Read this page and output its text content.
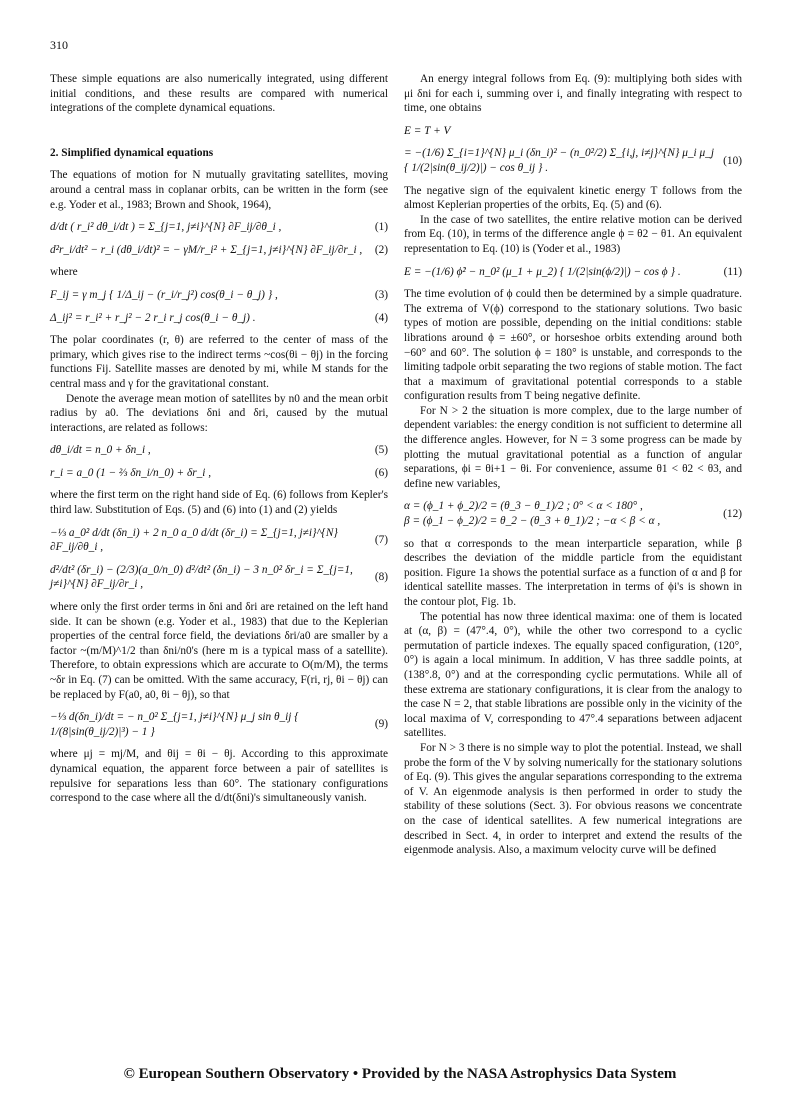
310

These simple equations are also numerically integrated, using different initial conditions, and these results are compared with numerical integrations of the complete dynamical equations.

2. Simplified dynamical equations

The equations of motion for N mutually gravitating satellites, moving around a central mass in coplanar orbits, can be written in the form (see e.g. Yoder et al., 1983; Brown and Shook, 1964),

d/dt ( r_i² dθ_i/dt ) = Σ_{j=1, j≠i}^{N} ∂F_ij/∂θ_i ,	(1)
d²r_i/dt² − r_i (dθ_i/dt)² = − γM/r_i² + Σ_{j=1, j≠i}^{N} ∂F_ij/∂r_i ,	(2)

where

F_ij = γ m_j { 1/Δ_ij − (r_i/r_j²) cos(θ_i − θ_j) } ,	(3)
Δ_ij² = r_i² + r_j² − 2 r_i r_j cos(θ_i − θ_j) .	(4)

The polar coordinates (r, θ) are referred to the center of mass of the primary, which gives rise to the indirect terms ~cos(θi − θj) in the forcing functions Fij. Satellite masses are denoted by mi, while M stands for the central mass and γ for the gravitational constant.

Denote the average mean motion of satellites by n0 and the mean orbit radius by a0. The deviations δni and δri, caused by the mutual interactions, are related as follows:

dθ_i/dt = n_0 + δn_i ,	(5)
r_i = a_0 (1 − ⅔ δn_i/n_0) + δr_i ,	(6)

where the first term on the right hand side of Eq. (6) follows from Kepler's third law. Substitution of Eqs. (5) and (6) into (1) and (2) yields

−⅓ a_0² d/dt (δn_i) + 2 n_0 a_0 d/dt (δr_i) = Σ_{j=1, j≠i}^{N} ∂F_ij/∂θ_i ,
(7)
d²/dt² (δr_i) − (2/3)(a_0/n_0) d²/dt² (δn_i) − 3 n_0² δr_i = Σ_{j=1, j≠i}^{N} ∂F_ij/∂r_i ,
(8)

where only the first order terms in δni and δri are retained on the left hand side. It can be shown (e.g. Yoder et al., 1983) that due to the Keplerian properties of the central force field, the deviations δri/a0 are smaller by a factor ~(m/M)^1/2 than δni/n0's (here m is a typical mass of a satellite). Therefore, to obtain expressions which are accurate to O(m/M), the terms ~δr in Eq. (7) can be omitted. With the same accuracy, F(ri, rj, θi − θj) can be replaced by F(a0, a0, θi − θj), so that

−⅓ d(δn_i)/dt = − n_0² Σ_{j=1, j≠i}^{N} μ_j sin θ_ij { 1/(8|sin(θ_ij/2)|³) − 1 }
(9)

where μj = mj/M, and θij = θi − θj. According to this approximate dynamical equation, the apparent force between a pair of satellites is repulsive for separations less than 60°. The stationary configurations correspond to the case where all the d/dt(δni)'s simultaneously vanish.

An energy integral follows from Eq. (9): multiplying both sides with μi δni for each i, summing over i, and finally integrating with respect to time, one obtains

E = T + V
= −(1/6) Σ_{i=1}^{N} μ_i (δn_i)² − (n_0²/2) Σ_{i,j, i≠j}^{N} μ_i μ_j { 1/(2|sin(θ_ij/2)|) − cos θ_ij } .
(10)

The negative sign of the equivalent kinetic energy T follows from the almost Keplerian properties of the orbits, Eq. (5) and (6).

In the case of two satellites, the entire relative motion can be derived from Eq. (10), in terms of the difference angle ϕ = θ2 − θ1. An equivalent representation to Eq. (10) is (Yoder et al., 1983)

E = −(1/6) ϕ̇² − n_0² (μ_1 + μ_2) { 1/(2|sin(ϕ/2)|) − cos ϕ } .	(11)

The time evolution of ϕ could then be determined by a simple quadrature. The extrema of V(ϕ) correspond to the stationary solutions. Two basic types of motion are possible, depending on the initial conditions: stable librations around ϕ = ±60°, or horseshoe orbits extending around both −60° and 60°. The solution ϕ = 180° is unstable, and corresponds to the limiting tadpole orbit separating the two regions of stable motion. The fact that a maximum of gravitational potential corresponds to a stable configuration results from T being negative definite.

For N > 2 the situation is more complex, due to the large number of dependent variables: the energy condition is not sufficient to determine all the difference angles. However, for N = 3 some progress can be made by plotting the mutual gravitational potential as a function of angular separations, ϕi = θi+1 − θi. For convenience, assume θ1 < θ2 < θ3, and define new variables,

α = (ϕ_1 + ϕ_2)/2 = (θ_3 − θ_1)/2 ; 0° < α < 180° ,
β = (ϕ_1 − ϕ_2)/2 = θ_2 − (θ_3 + θ_1)/2 ; −α < β < α ,
(12)

so that α corresponds to the mean interparticle separation, while β describes the deviation of the middle particle from the equidistant position. Figure 1a shows the potential surface as a function of α and β for identical satellite masses. The interpretation in terms of ϕi's is shown in the contour plot, Fig. 1b.

The potential has now three identical maxima: one of them is located at (α, β) = (47°.4, 0°), while the other two correspond to a cyclic permutation of particle indexes. The equally spaced configuration, (120°, 0°) is again a local minimum. In addition, V has three saddle points, at (138°.8, 0°) and at the corresponding cyclic permutations. While all of these extrema are stationary configurations, it is clear from the analogy to the case N = 2, that stable librations are possible only in the vicinity of the local maxima of V, corresponding to 47°.4 separations between adjacent satellites.

For N > 3 there is no simple way to plot the potential. Instead, we shall probe the form of the V by solving numerically for the stationary solutions of Eq. (9). This gives the angular separations corresponding to the extrema of V. An eigenmode analysis is then performed in order to study the stability of these solutions (Sect. 3). For obvious reasons we concentrate on the case of identical satellites. A few numerical integrations are described in Sect. 4, in order to interpret and extend the results of the eigenmode analysis. Also, a maximum velocity curve will be defined

© European Southern Observatory • Provided by the NASA Astrophysics Data System
